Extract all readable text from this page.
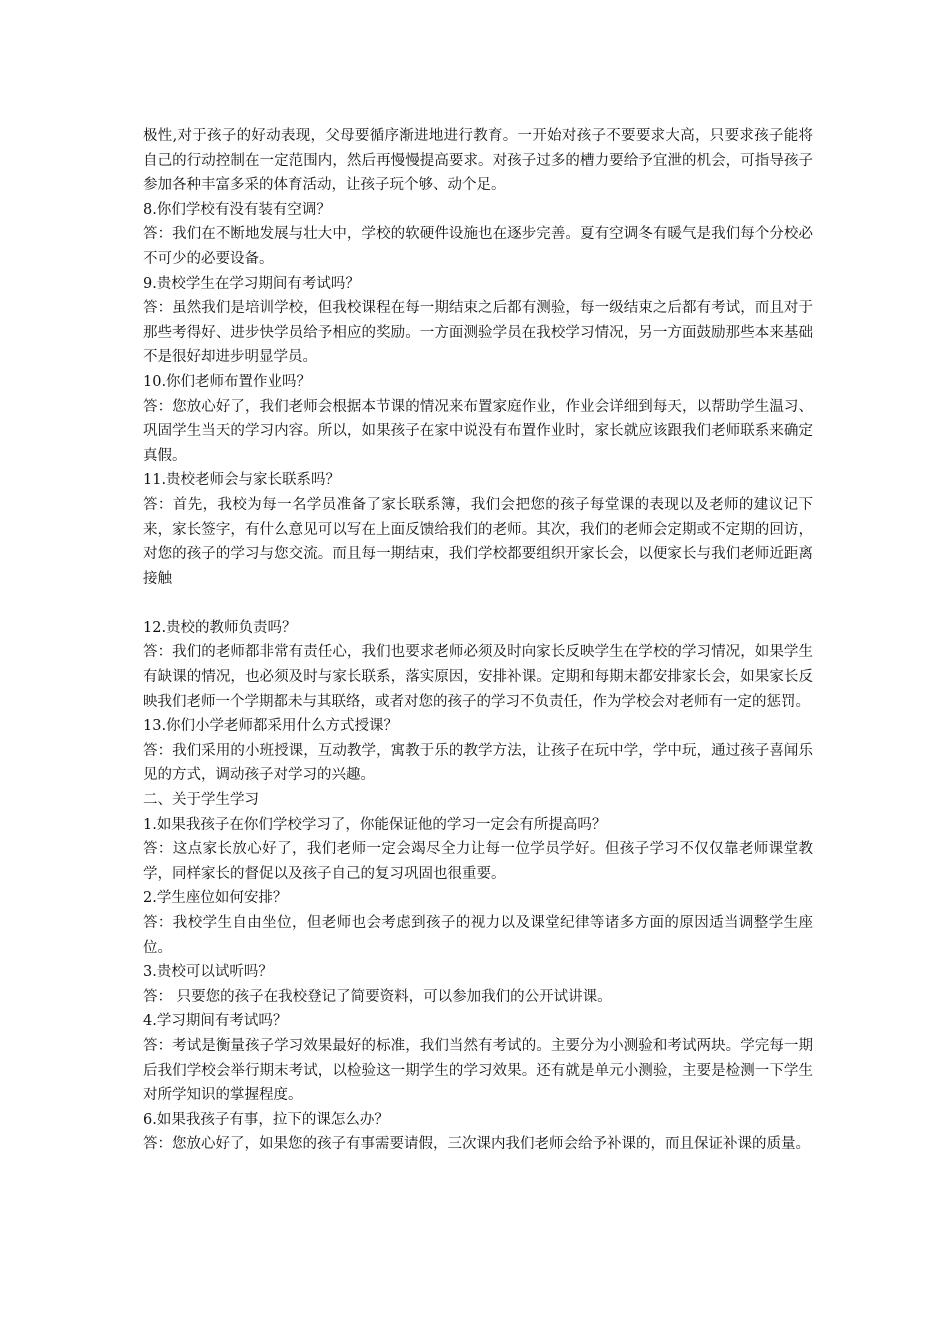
极性,对于孩子的好动表现，父母要循序渐进地进行教育。一开始对孩子不要要求大高，只要求孩子能将自己的行动控制在一定范围内，然后再慢慢提高要求。对孩子过多的槽力要给予宜泄的机会，可指导孩子参加各种丰富多采的体育活动，让孩子玩个够、动个足。

8.你们学校有没有装有空调？

答：我们在不断地发展与壮大中，学校的软硬件设施也在逐步完善。夏有空调冬有暖气是我们每个分校必不可少的必要设备。

9.贵校学生在学习期间有考试吗？

答：虽然我们是培训学校，但我校课程在每一期结束之后都有测验，每一级结束之后都有考试，而且对于那些考得好、进步快学员给予相应的奖励。一方面测验学员在我校学习情况，另一方面鼓励那些本来基础不是很好却进步明显学员。

10.你们老师布置作业吗？

答：您放心好了，我们老师会根据本节课的情况来布置家庭作业，作业会详细到每天，以帮助学生温习、巩固学生当天的学习内容。所以，如果孩子在家中说没有布置作业时，家长就应该跟我们老师联系来确定真假。

11.贵校老师会与家长联系吗？

答：首先，我校为每一名学员准备了家长联系簿，我们会把您的孩子每堂课的表现以及老师的建议记下来，家长签字，有什么意见可以写在上面反馈给我们的老师。其次，我们的老师会定期或不定期的回访，对您的孩子的学习与您交流。而且每一期结束，我们学校都要组织开家长会，以便家长与我们老师近距离接触

12.贵校的教师负责吗？

答：我们的老师都非常有责任心，我们也要求老师必须及时向家长反映学生在学校的学习情况，如果学生有缺课的情况，也必须及时与家长联系，落实原因，安排补课。定期和每期末都安排家长会，如果家长反映我们老师一个学期都未与其联络，或者对您的孩子的学习不负责任，作为学校会对老师有一定的惩罚。

13.你们小学老师都采用什么方式授课？

答：我们采用的小班授课，互动教学，寓教于乐的教学方法，让孩子在玩中学，学中玩，通过孩子喜闻乐见的方式，调动孩子对学习的兴趣。

二、关于学生学习

1.如果我孩子在你们学校学习了，你能保证他的学习一定会有所提高吗？

答：这点家长放心好了，我们老师一定会竭尽全力让每一位学员学好。但孩子学习不仅仅靠老师课堂教学，同样家长的督促以及孩子自己的复习巩固也很重要。

2.学生座位如何安排？

答：我校学生自由坐位，但老师也会考虑到孩子的视力以及课堂纪律等诸多方面的原因适当调整学生座位。

3.贵校可以试听吗？

答： 只要您的孩子在我校登记了简要资料，可以参加我们的公开试讲课。

4.学习期间有考试吗？

答：考试是衡量孩子学习效果最好的标准，我们当然有考试的。主要分为小测验和考试两块。学完每一期后我们学校会举行期末考试，以检验这一期学生的学习效果。还有就是单元小测验，主要是检测一下学生对所学知识的掌握程度。

6.如果我孩子有事，拉下的课怎么办？

答：您放心好了，如果您的孩子有事需要请假，三次课内我们老师会给予补课的，而且保证补课的质量。
